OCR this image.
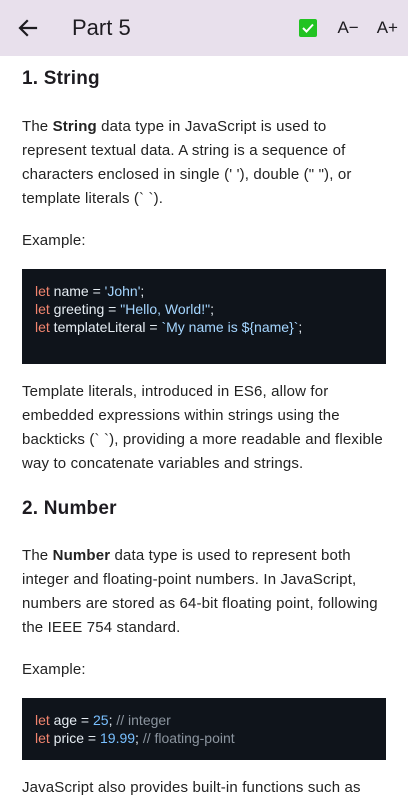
Part 5	A− A+
1. String

The String data type in JavaScript is used to represent textual data. A string is a sequence of characters enclosed in single (' '), double (" "), or template literals (` `).

Example:

let name = 'John';
let greeting = "Hello, World!";
let templateLiteral = `My name is ${name}`;

Template literals, introduced in ES6, allow for embedded expressions within strings using the backticks (` `), providing a more readable and flexible way to concatenate variables and strings.

2. Number

The Number data type is used to represent both integer and floating-point numbers. In JavaScript, numbers are stored as 64-bit floating point, following the IEEE 754 standard.

Example:

let age = 25; // integer
let price = 19.99; // floating-point

JavaScript also provides built-in functions such as
